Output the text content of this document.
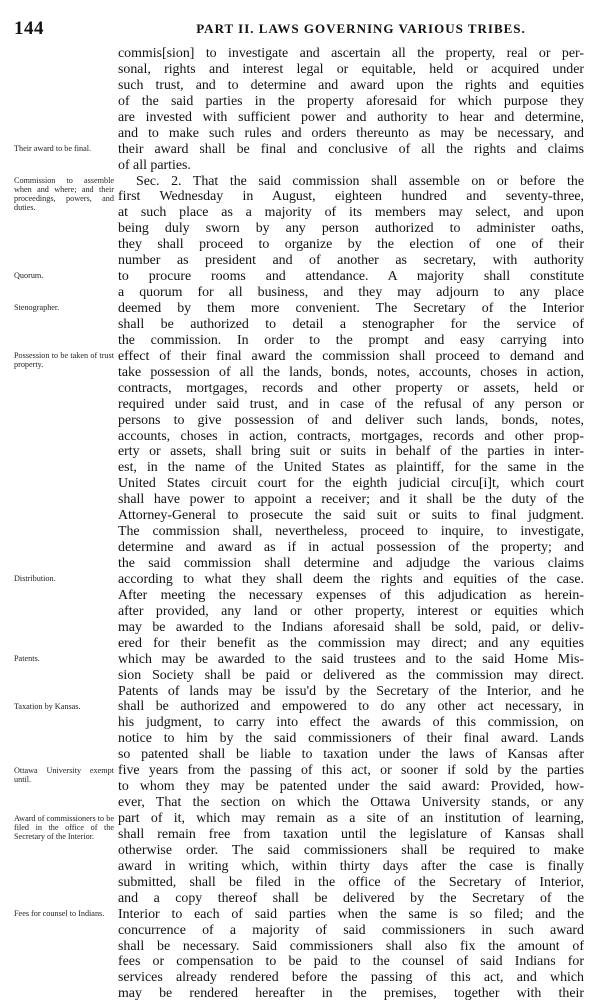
144	PART II. LAWS GOVERNING VARIOUS TRIBES.
Their award to be final.
Commission to assemble when and where; and their proceedings, powers, and duties.
Quorum.
Stenographer.
Possession to be taken of trust property.
Distribution.
Patents.
Taxation by Kansas.
Ottawa University exempt until.
Award of commissioners to be filed in the office of the Secretary of the Interior.
Fees for counsel to Indians.
commis[sion] to investigate and ascertain all the property, real or per-
sonal, rights and interest legal or equitable, held or acquired under
such trust, and to determine and award upon the rights and equities
of the said parties in the property aforesaid for which purpose they
are invested with sufficient power and authority to hear and determine,
and to make such rules and orders thereunto as may be necessary, and
their award shall be final and conclusive of all the rights and claims
of all parties.
Sec. 2. That the said commission shall assemble on or before the
first Wednesday in August, eighteen hundred and seventy-three,
at such place as a majority of its members may select, and upon
being duly sworn by any person authorized to administer oaths,
they shall proceed to organize by the election of one of their
number as president and of another as secretary, with authority
to procure rooms and attendance. A majority shall constitute
a quorum for all business, and they may adjourn to any place
deemed by them more convenient. The Secretary of the Interior
shall be authorized to detail a stenographer for the service of
the commission. In order to the prompt and easy carrying into
effect of their final award the commission shall proceed to demand and
take possession of all the lands, bonds, notes, accounts, choses in action,
contracts, mortgages, records and other property or assets, held or
required under said trust, and in case of the refusal of any person or
persons to give possession of and deliver such lands, bonds, notes,
accounts, choses in action, contracts, mortgages, records and other prop-
erty or assets, shall bring suit or suits in behalf of the parties in inter-
est, in the name of the United States as plaintiff, for the same in the
United States circuit court for the eighth judicial circu[i]t, which court
shall have power to appoint a receiver; and it shall be the duty of the
Attorney-General to prosecute the said suit or suits to final judgment.
The commission shall, nevertheless, proceed to inquire, to investigate,
determine and award as if in actual possession of the property; and
the said commission shall determine and adjudge the various claims
according to what they shall deem the rights and equities of the case.
After meeting the necessary expenses of this adjudication as herein-
after provided, any land or other property, interest or equities which
may be awarded to the Indians aforesaid shall be sold, paid, or deliv-
ered for their benefit as the commission may direct; and any equities
which may be awarded to the said trustees and to the said Home Mis-
sion Society shall be paid or delivered as the commission may direct.
Patents of lands may be issu'd by the Secretary of the Interior, and he
shall be authorized and empowered to do any other act necessary, in
his judgment, to carry into effect the awards of this commission, on
notice to him by the said commissioners of their final award. Lands
so patented shall be liable to taxation under the laws of Kansas after
five years from the passing of this act, or sooner if sold by the parties
to whom they may be patented under the said award: Provided, how-
ever, That the section on which the Ottawa University stands, or any
part of it, which may remain as a site of an institution of learning,
shall remain free from taxation until the legislature of Kansas shall
otherwise order. The said commissioners shall be required to make
award in writing which, within thirty days after the case is finally
submitted, shall be filed in the office of the Secretary of Interior,
and a copy thereof shall be delivered by the Secretary of the
Interior to each of said parties when the same is so filed; and the
concurrence of a majority of said commissioners in such award
shall be necessary. Said commissioners shall also fix the amount of
fees or compensation to be paid to the counsel of said Indians for
services already rendered before the passing of this act, and which
may be rendered hereafter in the premises, together with their
